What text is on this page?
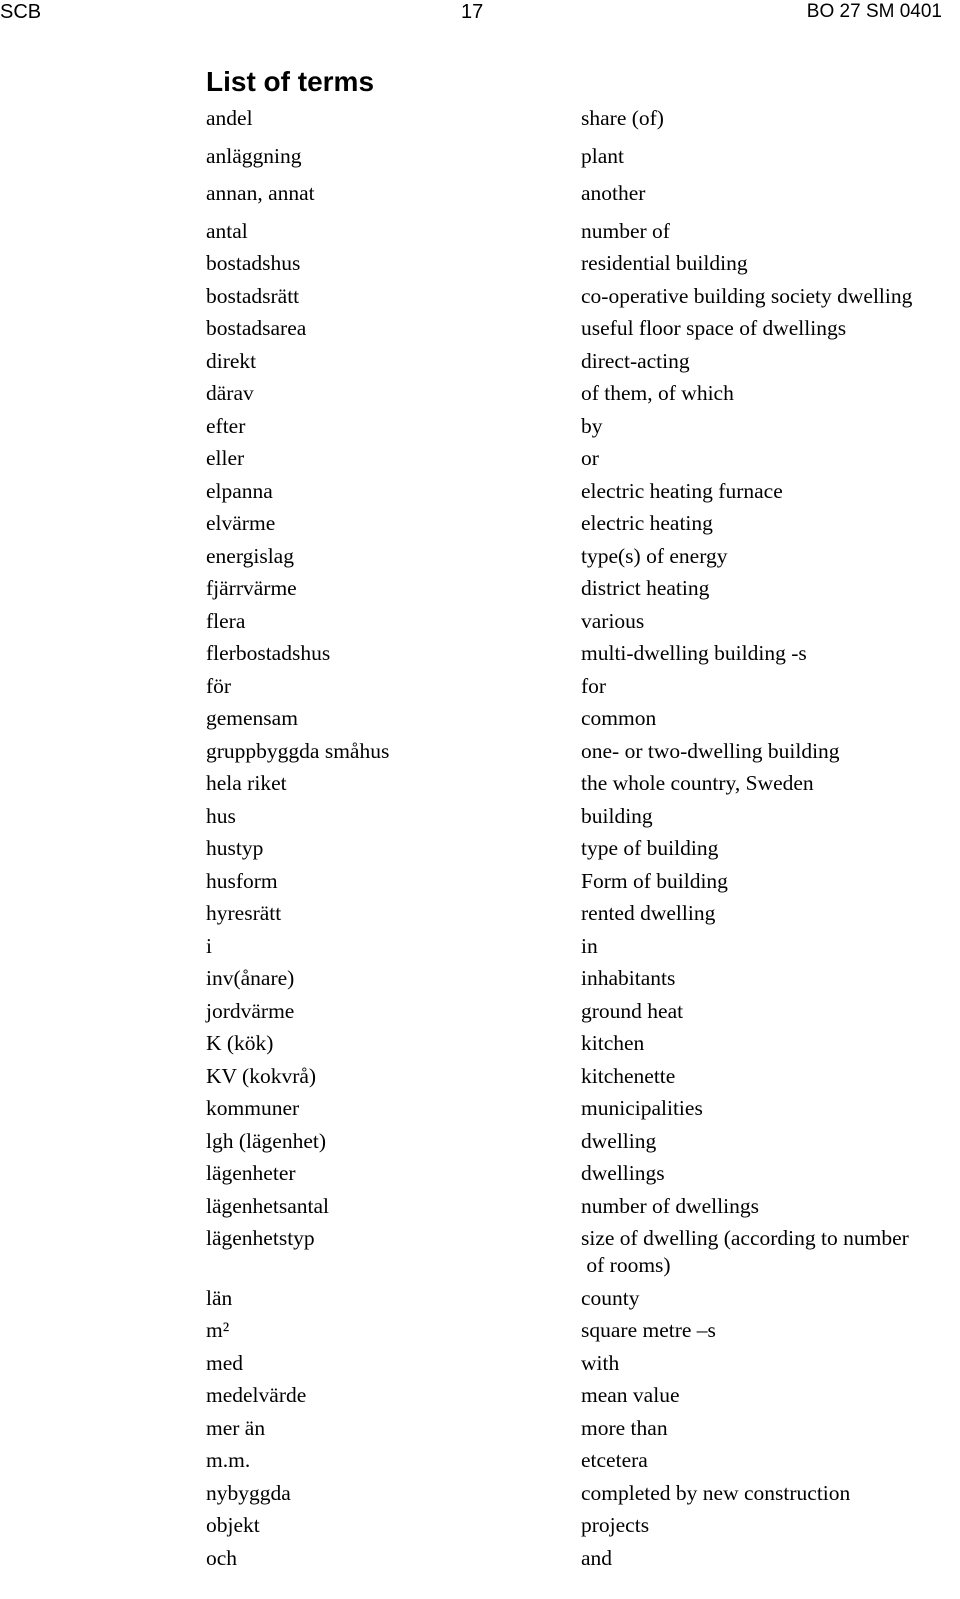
SCB	17	BO 27 SM 0401
List of terms
andel	share (of)
anläggning	plant
annan, annat	another
antal	number of
bostadshus	residential building
bostadsrätt	co-operative building society dwelling
bostadsarea	useful floor space of dwellings
direkt	direct-acting
därav	of them, of which
efter	by
eller	or
elpanna	electric heating furnace
elvärme	electric heating
energislag	type(s) of energy
fjärrvärme	district heating
flera	various
flerbostadshus	multi-dwelling building -s
för	for
gemensam	common
gruppbyggda småhus	one- or two-dwelling building
hela riket	the whole country, Sweden
hus	building
hustyp	type of building
husform	Form of building
hyresrätt	rented dwelling
i	in
inv(ånare)	inhabitants
jordvärme	ground heat
K (kök)	kitchen
KV (kokvrå)	kitchenette
kommuner	municipalities
lgh (lägenhet)	dwelling
lägenheter	dwellings
lägenhetsantal	number of dwellings
lägenhetstyp	size of dwelling (according to number
of rooms)
län	county
m²	square metre –s
med	with
medelvärde	mean value
mer än	more than
m.m.	etcetera
nybyggda	completed by new construction
objekt	projects
och	and
